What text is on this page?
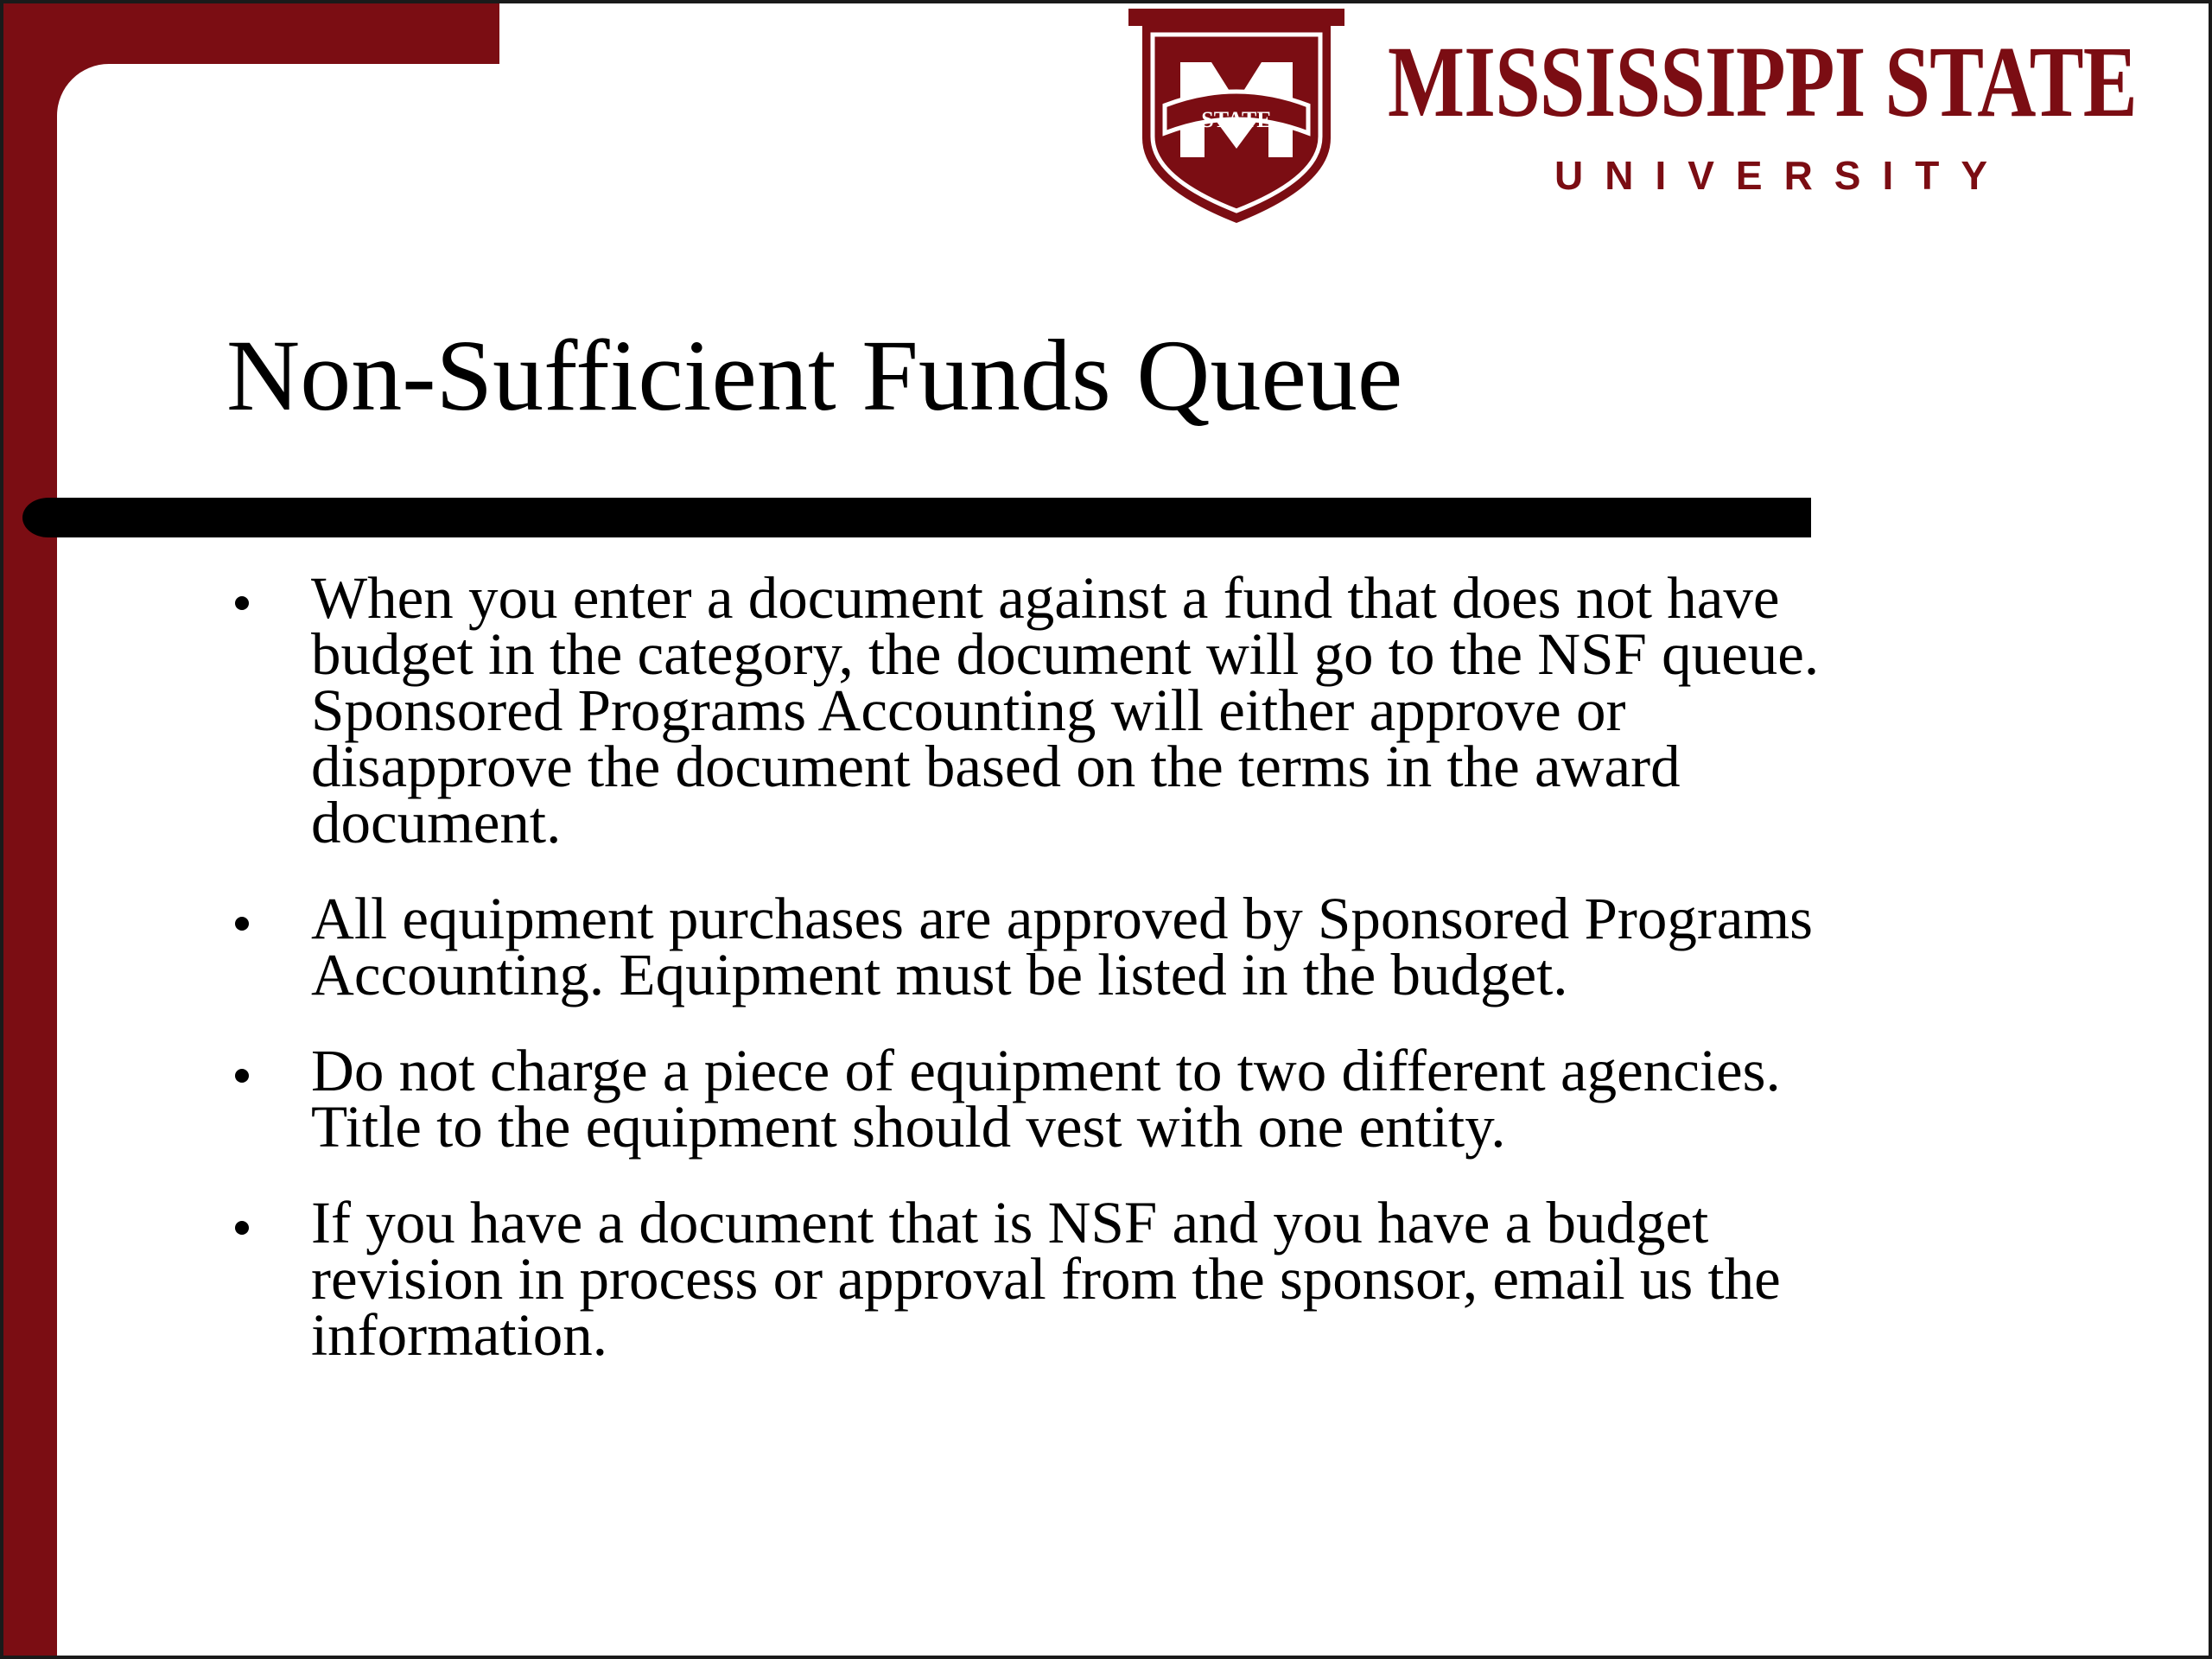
STATE MISSISSIPPI STATE
UNIVERSITY
Non-Sufficient Funds Queue
When you enter a document against a fund that does not have
budget in the category, the document will go to the NSF queue.
Sponsored Programs Accounting will either approve or
disapprove the document based on the terms in the award
document.
All equipment purchases are approved by Sponsored Programs
Accounting. Equipment must be listed in the budget.
Do not charge a piece of equipment to two different agencies.
Title to the equipment should vest with one entity.
If you have a document that is NSF and you have a budget
revision in process or approval from the sponsor, email us the
information.
